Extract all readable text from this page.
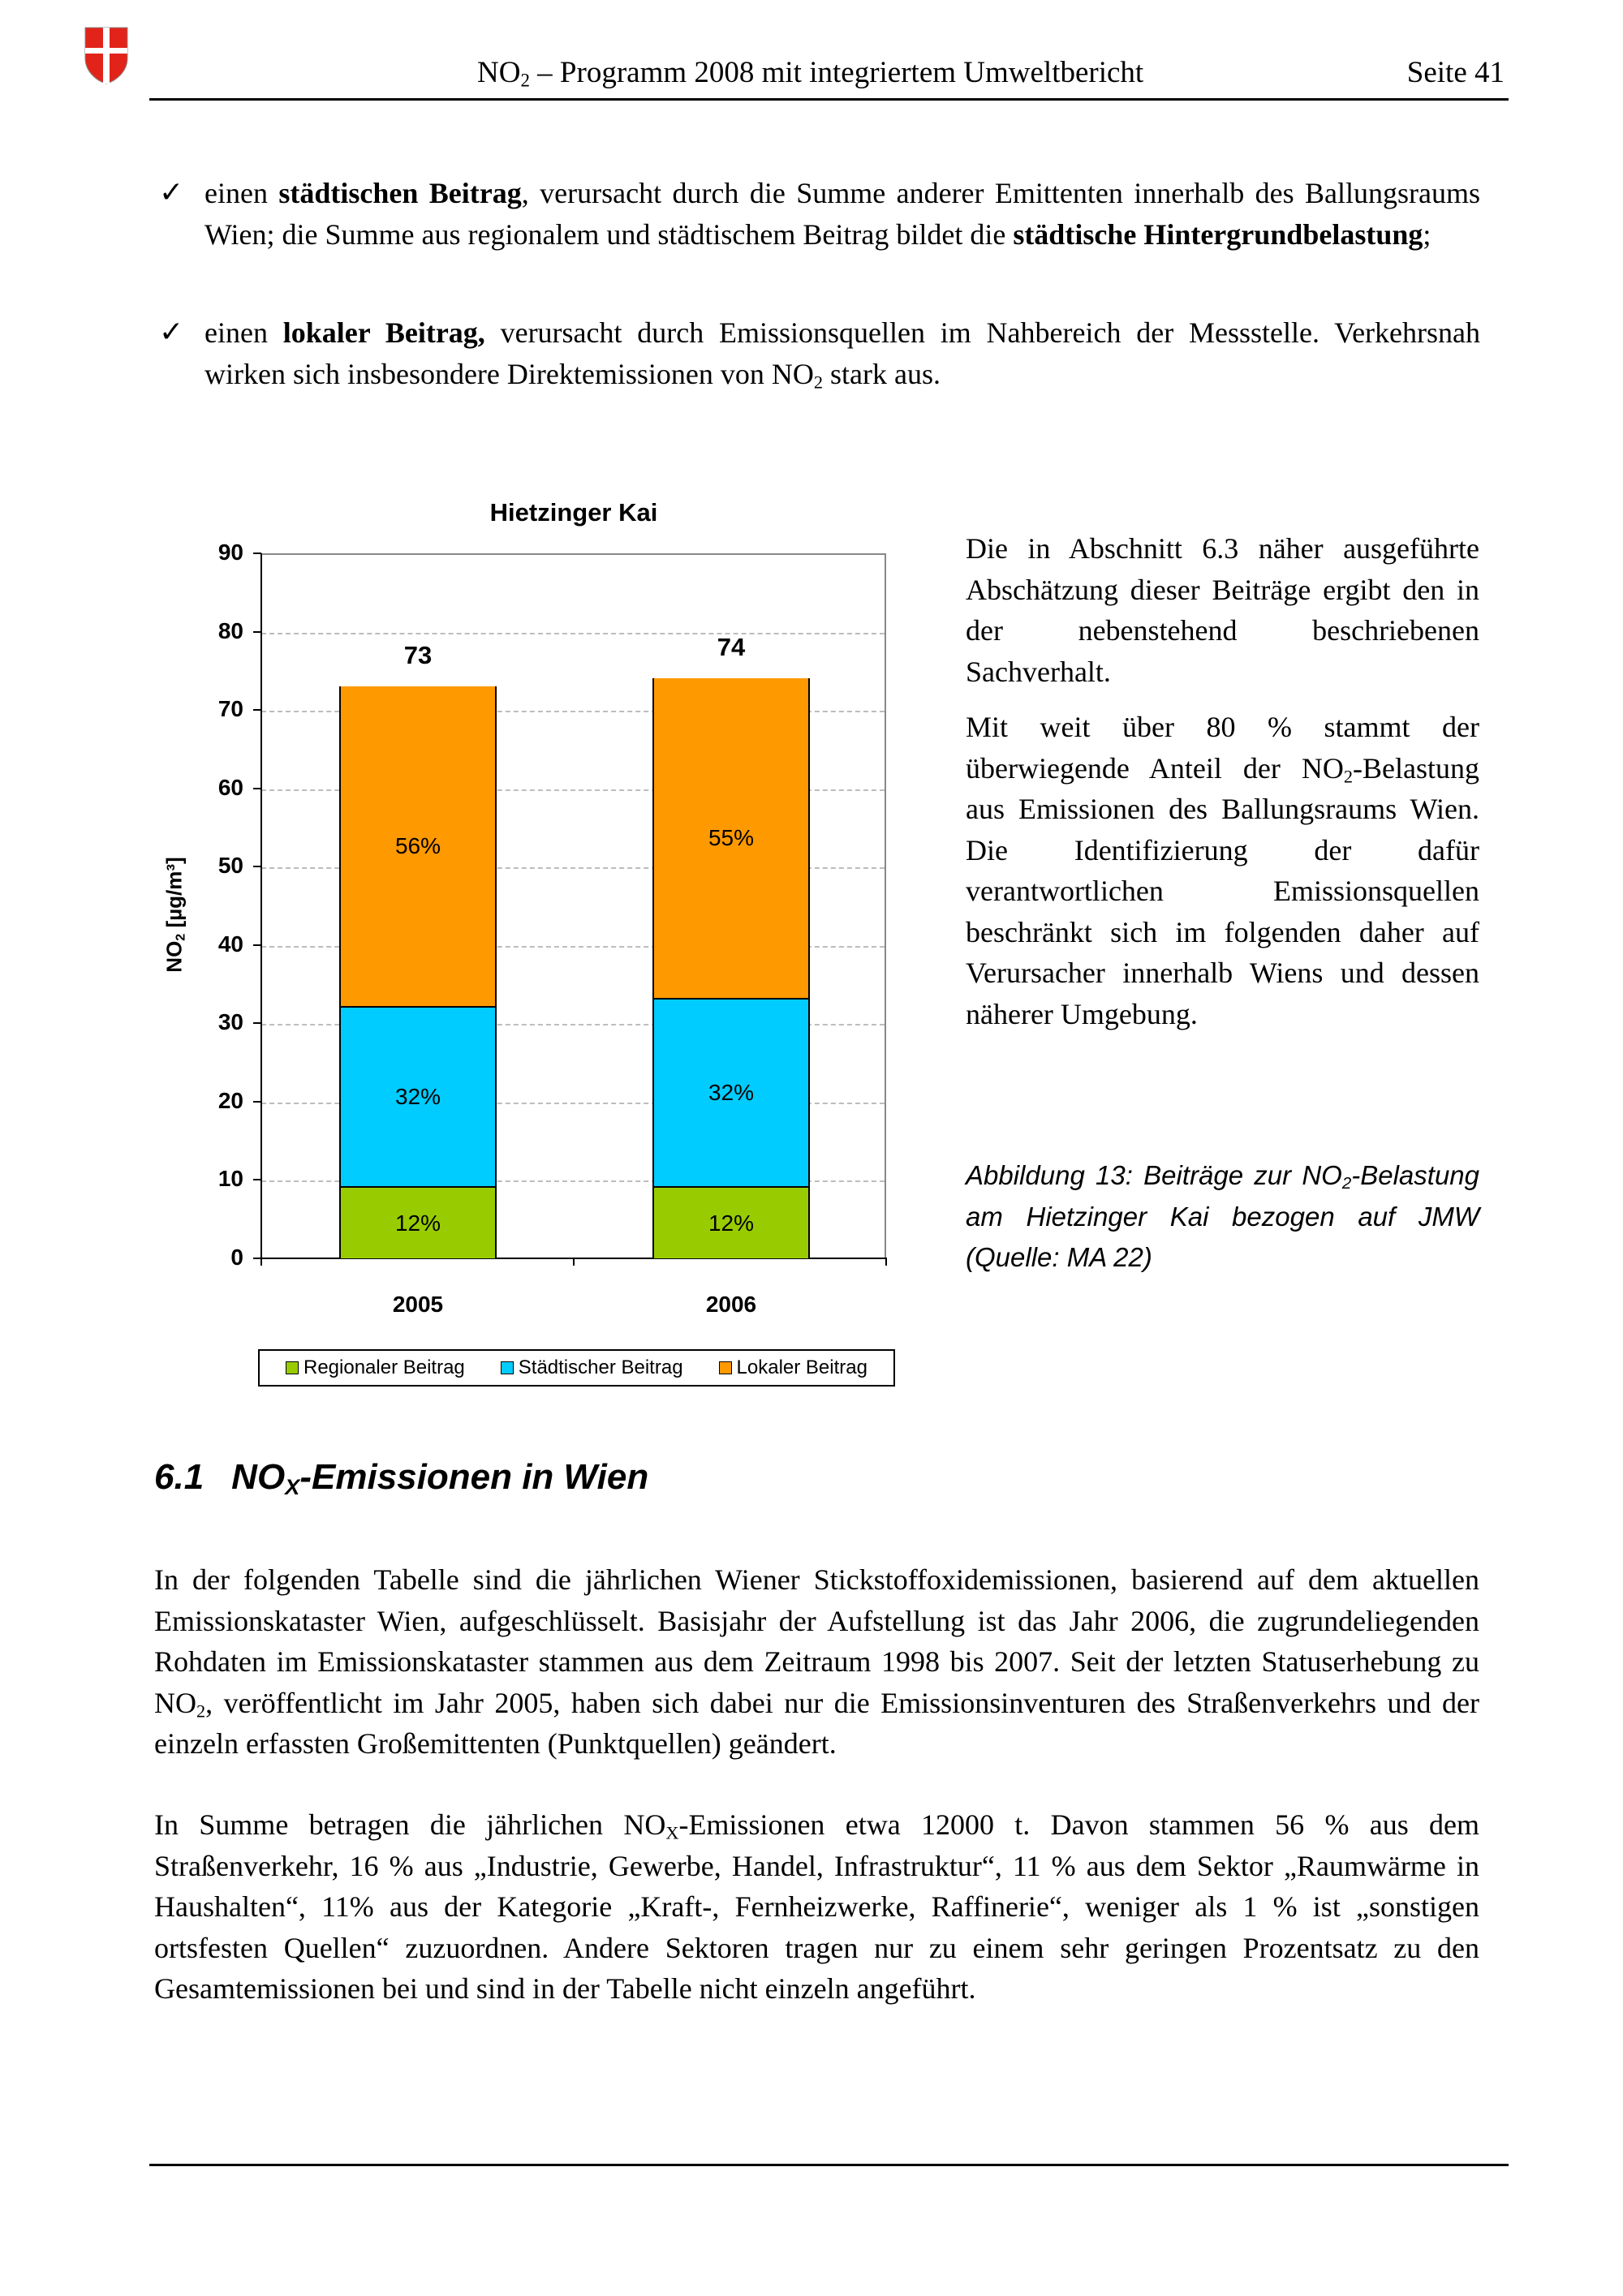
$NO_2$ – Programm 2008 mit integriertem Umweltbericht	Seite 41
✓ einen städtischen Beitrag, verursacht durch die Summe anderer Emittenten innerhalb des Ballungsraums Wien; die Summe aus regionalem und städtischem Beitrag bildet die städtische Hintergrundbelastung;
✓ einen lokaler Beitrag, verursacht durch Emissionsquellen im Nahbereich der Messstelle. Verkehrsnah wirken sich insbesondere Direktemissionen von $NO_2$ stark aus.
Hietzinger Kai
$NO_2$ [µg/m³]
0
10
20
30
40
50
60
70
80
90
12%
32%
56%
73
2005
12%
32%
55%
74
2006
Regionaler Beitrag	Städtischer Beitrag	Lokaler Beitrag

Die in Abschnitt 6.3 näher ausgeführte Abschätzung dieser Beiträge ergibt den in der nebenstehend beschriebenen Sachverhalt.

Mit weit über 80 % stammt der überwiegende Anteil der $NO_2$-Belastung aus Emissionen des Ballungsraums Wien. Die Identifizierung der dafür verantwortlichen Emissionsquellen beschränkt sich im folgenden daher auf Verursacher innerhalb Wiens und dessen näherer Umgebung.

Abbildung 13: Beiträge zur $NO_2$-Belastung am Hietzinger Kai bezogen auf JMW (Quelle: MA 22)
6.1 $NO_X$-Emissionen in Wien

In der folgenden Tabelle sind die jährlichen Wiener Stickstoffoxidemissionen, basierend auf dem aktuellen Emissionskataster Wien, aufgeschlüsselt. Basisjahr der Aufstellung ist das Jahr 2006, die zugrundeliegenden Rohdaten im Emissionskataster stammen aus dem Zeitraum 1998 bis 2007. Seit der letzten Statuserhebung zu $NO_2$, veröffentlicht im Jahr 2005, haben sich dabei nur die Emissionsinventuren des Straßenverkehrs und der einzeln erfassten Großemittenten (Punktquellen) geändert.

In Summe betragen die jährlichen $NO_X$-Emissionen etwa 12000 t. Davon stammen 56 % aus dem Straßenverkehr, 16 % aus „Industrie, Gewerbe, Handel, Infrastruktur“, 11 % aus dem Sektor „Raumwärme in Haushalten“, 11% aus der Kategorie „Kraft-, Fernheizwerke, Raffinerie“, weniger als 1 % ist „sonstigen ortsfesten Quellen“ zuzuordnen. Andere Sektoren tragen nur zu einem sehr geringen Prozentsatz zu den Gesamtemissionen bei und sind in der Tabelle nicht einzeln angeführt.
